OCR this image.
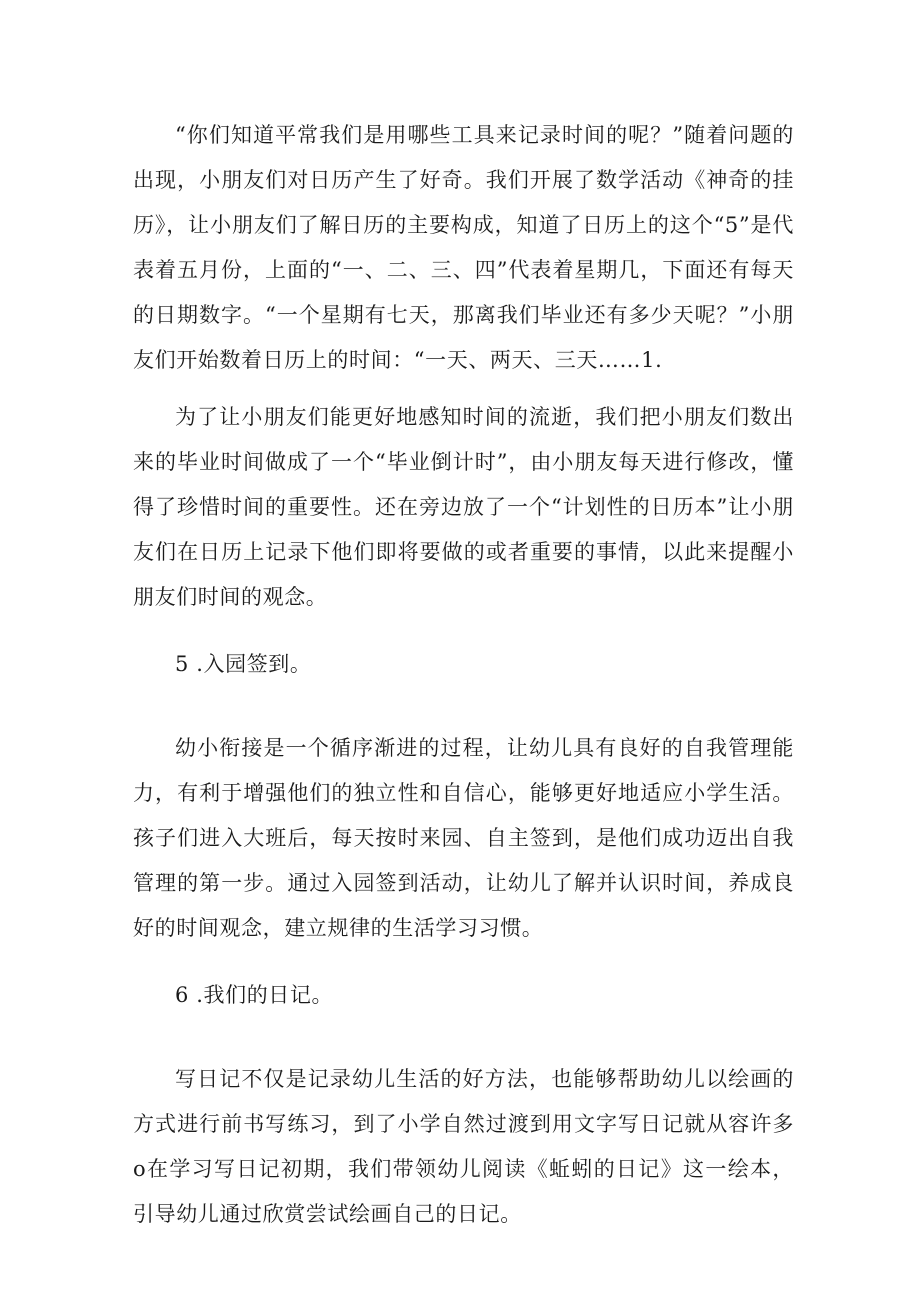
“你们知道平常我们是用哪些工具来记录时间的呢？”随着问题的出现，小朋友们对日历产生了好奇。我们开展了数学活动《神奇的挂历》，让小朋友们了解日历的主要构成，知道了日历上的这个“5”是代表着五月份，上面的“一、二、三、四”代表着星期几，下面还有每天的日期数字。“一个星期有七天，那离我们毕业还有多少天呢？”小朋友们开始数着日历上的时间：“一天、两天、三天……1.

为了让小朋友们能更好地感知时间的流逝，我们把小朋友们数出来的毕业时间做成了一个“毕业倒计时”，由小朋友每天进行修改，懂得了珍惜时间的重要性。还在旁边放了一个“计划性的日历本”让小朋友们在日历上记录下他们即将要做的或者重要的事情，以此来提醒小朋友们时间的观念。

5 .入园签到。

幼小衔接是一个循序渐进的过程，让幼儿具有良好的自我管理能力，有利于增强他们的独立性和自信心，能够更好地适应小学生活。孩子们进入大班后，每天按时来园、自主签到，是他们成功迈出自我管理的第一步。通过入园签到活动，让幼儿了解并认识时间，养成良好的时间观念，建立规律的生活学习习惯。

6 .我们的日记。

写日记不仅是记录幼儿生活的好方法，也能够帮助幼儿以绘画的方式进行前书写练习，到了小学自然过渡到用文字写日记就从容许多o在学习写日记初期，我们带领幼儿阅读《蚯蚓的日记》这一绘本，引导幼儿通过欣赏尝试绘画自己的日记。
